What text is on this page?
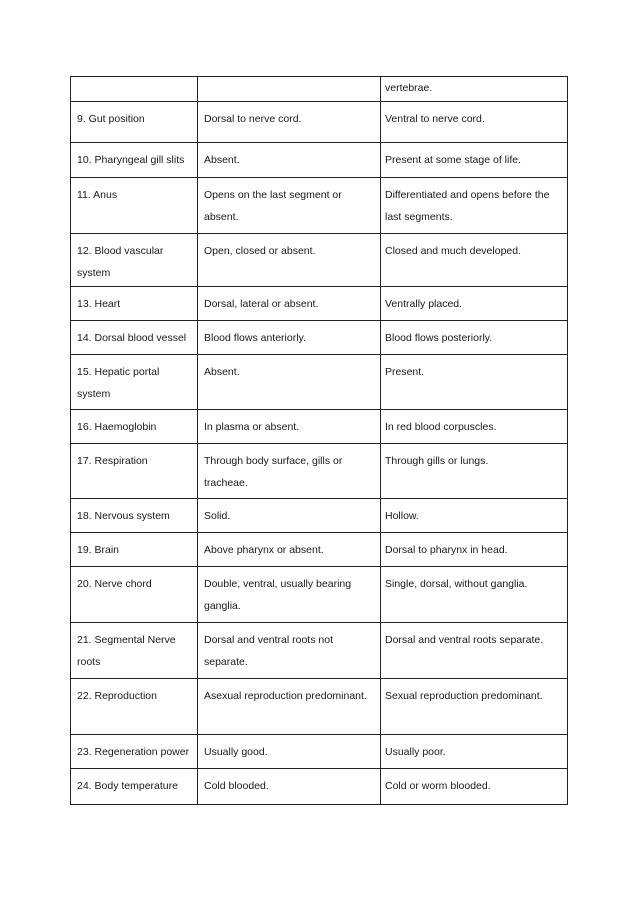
		vertebrae.
9. Gut position	Dorsal to nerve cord.	Ventral to nerve cord.
10. Pharyngeal gill slits	Absent.	Present at some stage of life.
11. Anus	Opens on the last segment or absent.	Differentiated and opens before the last segments.
12. Blood vascular system	Open, closed or absent.	Closed and much developed.
13. Heart	Dorsal, lateral or absent.	Ventrally placed.
14. Dorsal blood vessel	Blood flows anteriorly.	Blood flows posteriorly.
15. Hepatic portal system	Absent.	Present.
16. Haemoglobin	In plasma or absent.	In red blood corpuscles.
17. Respiration	Through body surface, gills or tracheae.	Through gills or lungs.
18. Nervous system	Solid.	Hollow.
19. Brain	Above pharynx or absent.	Dorsal to pharynx in head.
20. Nerve chord	Double, ventral, usually bearing ganglia.	Single, dorsal, without ganglia.
21. Segmental Nerve roots	Dorsal and ventral roots not separate.	Dorsal and ventral roots separate.
22. Reproduction	Asexual reproduction predominant.	Sexual reproduction predominant.
23. Regeneration power	Usually good.	Usually poor.
24. Body temperature	Cold blooded.	Cold or worm blooded.
